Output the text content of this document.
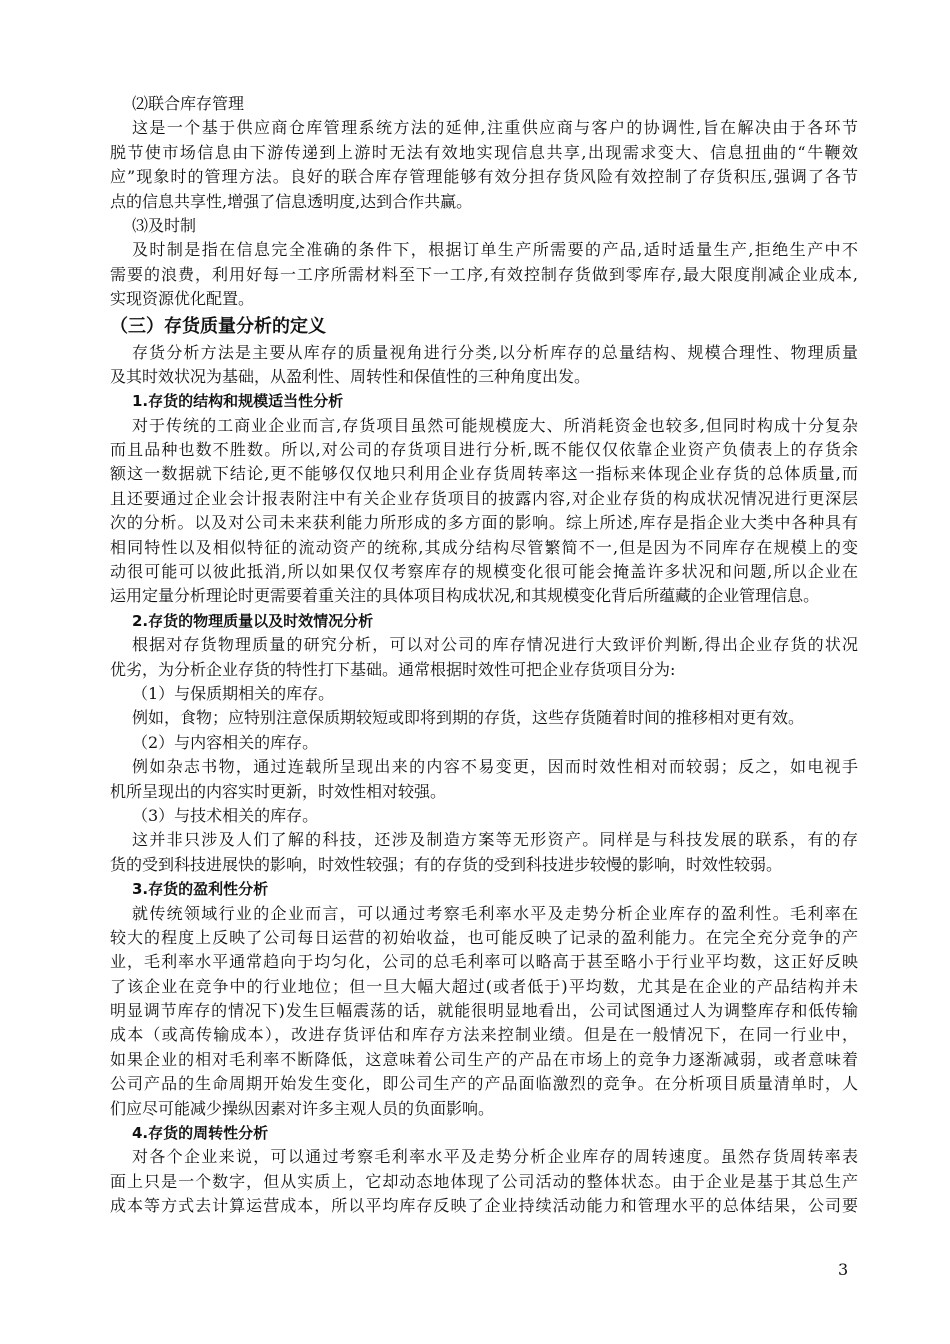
⑵联合库存管理
这是一个基于供应商仓库管理系统方法的延伸,注重供应商与客户的协调性,旨在解决由于各环节
脱节使市场信息由下游传递到上游时无法有效地实现信息共享,出现需求变大、信息扭曲的“牛鞭效
应”现象时的管理方法。良好的联合库存管理能够有效分担存货风险有效控制了存货积压,强调了各节
点的信息共享性,增强了信息透明度,达到合作共赢。
⑶及时制
及时制是指在信息完全准确的条件下，根据订单生产所需要的产品,适时适量生产,拒绝生产中不
需要的浪费，利用好每一工序所需材料至下一工序,有效控制存货做到零库存,最大限度削减企业成本,
实现资源优化配置。
（三）存货质量分析的定义
存货分析方法是主要从库存的质量视角进行分类,以分析库存的总量结构、规模合理性、物理质量
及其时效状况为基础，从盈利性、周转性和保值性的三种角度出发。
1.存货的结构和规模适当性分析
对于传统的工商业企业而言,存货项目虽然可能规模庞大、所消耗资金也较多,但同时构成十分复杂
而且品种也数不胜数。所以,对公司的存货项目进行分析,既不能仅仅依靠企业资产负债表上的存货余
额这一数据就下结论,更不能够仅仅地只利用企业存货周转率这一指标来体现企业存货的总体质量,而
且还要通过企业会计报表附注中有关企业存货项目的披露内容,对企业存货的构成状况情况进行更深层
次的分析。以及对公司未来获利能力所形成的多方面的影响。综上所述,库存是指企业大类中各种具有
相同特性以及相似特征的流动资产的统称,其成分结构尽管繁简不一,但是因为不同库存在规模上的变
动很可能可以彼此抵消,所以如果仅仅考察库存的规模变化很可能会掩盖许多状况和问题,所以企业在
运用定量分析理论时更需要着重关注的具体项目构成状况,和其规模变化背后所蕴藏的企业管理信息。
2.存货的物理质量以及时效情况分析
根据对存货物理质量的研究分析，可以对公司的库存情况进行大致评价判断,得出企业存货的状况
优劣，为分析企业存货的特性打下基础。通常根据时效性可把企业存货项目分为:
（1）与保质期相关的库存。
例如，食物；应特别注意保质期较短或即将到期的存货，这些存货随着时间的推移相对更有效。
（2）与内容相关的库存。
例如杂志书物，通过连载所呈现出来的内容不易变更，因而时效性相对而较弱；反之，如电视手
机所呈现出的内容实时更新，时效性相对较强。
（3）与技术相关的库存。
这并非只涉及人们了解的科技，还涉及制造方案等无形资产。同样是与科技发展的联系，有的存
货的受到科技进展快的影响，时效性较强；有的存货的受到科技进步较慢的影响，时效性较弱。
3.存货的盈利性分析
就传统领域行业的企业而言，可以通过考察毛利率水平及走势分析企业库存的盈利性。毛利率在
较大的程度上反映了公司每日运营的初始收益，也可能反映了记录的盈利能力。在完全充分竞争的产
业，毛利率水平通常趋向于均匀化，公司的总毛利率可以略高于甚至略小于行业平均数，这正好反映
了该企业在竞争中的行业地位；但一旦大幅大超过(或者低于)平均数，尤其是在企业的产品结构并未
明显调节库存的情况下)发生巨幅震荡的话，就能很明显地看出，公司试图通过人为调整库存和低传输
成本（或高传输成本），改进存货评估和库存方法来控制业绩。但是在一般情况下，在同一行业中，
如果企业的相对毛利率不断降低，这意味着公司生产的产品在市场上的竞争力逐渐减弱，或者意味着
公司产品的生命周期开始发生变化，即公司生产的产品面临激烈的竞争。在分析项目质量清单时，人
们应尽可能减少操纵因素对许多主观人员的负面影响。
4.存货的周转性分析
对各个企业来说，可以通过考察毛利率水平及走势分析企业库存的周转速度。虽然存货周转率表
面上只是一个数字，但从实质上，它却动态地体现了公司活动的整体状态。由于企业是基于其总生产
成本等方式去计算运营成本，所以平均库存反映了企业持续活动能力和管理水平的总体结果，公司要
3
